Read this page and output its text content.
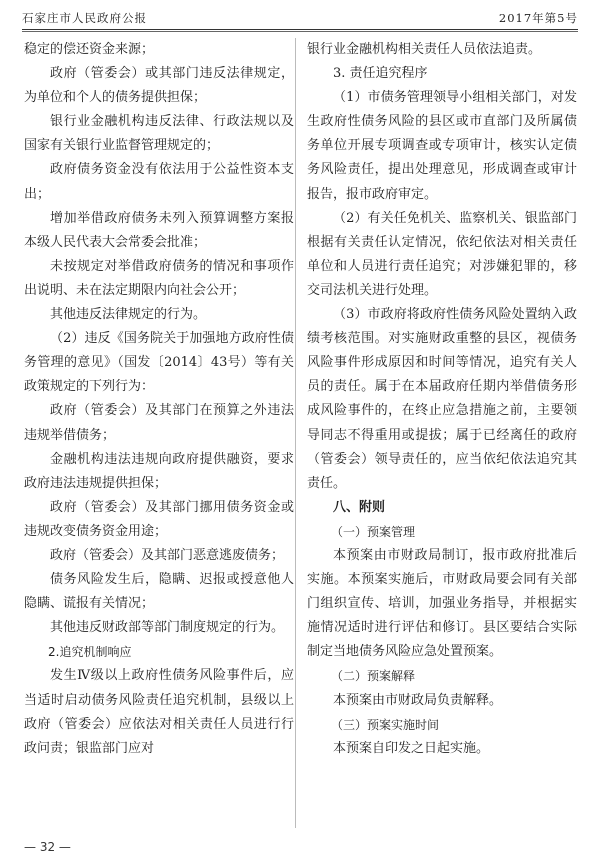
石家庄市人民政府公报	2017年第5号

稳定的偿还资金来源；

政府（管委会）或其部门违反法律规定，为单位和个人的债务提供担保；

银行业金融机构违反法律、行政法规以及国家有关银行业监督管理规定的；

政府债务资金没有依法用于公益性资本支出；

增加举借政府债务未列入预算调整方案报本级人民代表大会常委会批准；

未按规定对举借政府债务的情况和事项作出说明、未在法定期限内向社会公开；

其他违反法律规定的行为。

（2）违反《国务院关于加强地方政府性债务管理的意见》（国发〔2014〕43号）等有关政策规定的下列行为：

政府（管委会）及其部门在预算之外违法违规举借债务；

金融机构违法违规向政府提供融资，要求政府违法违规提供担保；

政府（管委会）及其部门挪用债务资金或违规改变债务资金用途；

政府（管委会）及其部门恶意逃废债务；

债务风险发生后，隐瞒、迟报或授意他人隐瞒、谎报有关情况；

其他违反财政部等部门制度规定的行为。

2.追究机制响应

发生Ⅳ级以上政府性债务风险事件后，应当适时启动债务风险责任追究机制，县级以上政府（管委会）应依法对相关责任人员进行行政问责；银监部门应对

银行业金融机构相关责任人员依法追责。

3. 责任追究程序

（1）市债务管理领导小组相关部门，对发生政府性债务风险的县区或市直部门及所属债务单位开展专项调查或专项审计，核实认定债务风险责任，提出处理意见，形成调查或审计报告，报市政府审定。

（2）有关任免机关、监察机关、银监部门根据有关责任认定情况，依纪依法对相关责任单位和人员进行责任追究；对涉嫌犯罪的，移交司法机关进行处理。

（3）市政府将政府性债务风险处置纳入政绩考核范围。对实施财政重整的县区，视债务风险事件形成原因和时间等情况，追究有关人员的责任。属于在本届政府任期内举借债务形成风险事件的，在终止应急措施之前，主要领导同志不得重用或提拔；属于已经离任的政府（管委会）领导责任的，应当依纪依法追究其责任。

八、附则

（一）预案管理

本预案由市财政局制订，报市政府批准后实施。本预案实施后，市财政局要会同有关部门组织宣传、培训，加强业务指导，并根据实施情况适时进行评估和修订。县区要结合实际制定当地债务风险应急处置预案。

（二）预案解释

本预案由市财政局负责解释。

（三）预案实施时间

本预案自印发之日起实施。

— 32 —
